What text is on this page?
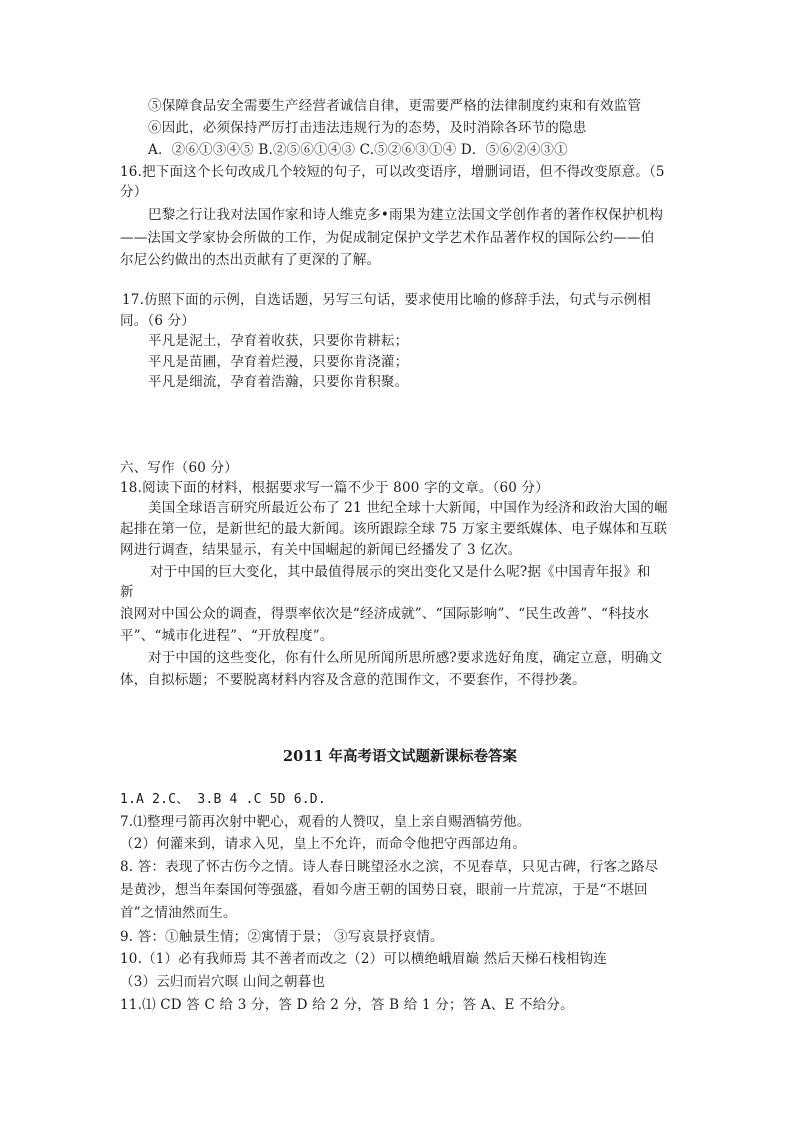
⑤保障食品安全需要生产经营者诚信自律，更需要严格的法律制度约束和有效监管
⑥因此，必须保持严厉打击违法违规行为的态势，及时消除各环节的隐患
A．②⑥①③④⑤ B.②⑤⑥①④③ C.⑤②⑥③①④ D．⑤⑥②④③①
16.把下面这个长句改成几个较短的句子，可以改变语序，增删词语，但不得改变原意。（5
分）
巴黎之行让我对法国作家和诗人维克多•雨果为建立法国文学创作者的著作权保护机构
——法国文学家协会所做的工作，为促成制定保护文学艺术作品著作权的国际公约——伯
尔尼公约做出的杰出贡献有了更深的了解。
17.仿照下面的示例，自选话题，另写三句话，要求使用比喻的修辞手法，句式与示例相
同。（6 分）
平凡是泥土，孕育着收获，只要你肯耕耘；
平凡是苗圃，孕育着烂漫，只要你肯浇灌；
平凡是细流，孕育着浩瀚，只要你肯积聚。
六、写作（60 分）
18.阅读下面的材料，根据要求写一篇不少于 800 字的文章。（60 分）
美国全球语言研究所最近公布了 21 世纪全球十大新闻，中国作为经济和政治大国的崛
起排在第一位，是新世纪的最大新闻。该所跟踪全球 75 万家主要纸媒体、电子媒体和互联
网进行调查，结果显示，有关中国崛起的新闻已经播发了 3 亿次。
对于中国的巨大变化，其中最值得展示的突出变化又是什么呢?据《中国青年报》和
新
浪网对中国公众的调查，得票率依次是“经济成就”、“国际影响”、“民生改善”、“科技水
平”、“城市化进程”、“开放程度”。
对于中国的这些变化，你有什么所见所闻所思所感?要求选好角度，确定立意，明确文
体，自拟标题；不要脱离材料内容及含意的范围作文，不要套作，不得抄袭。
2011 年高考语文试题新课标卷答案
1.A 2.C、 3.B 4 .C 5D 6.D.
7.⑴整理弓箭再次射中靶心，观看的人赞叹，皇上亲自赐酒犒劳他。
（2）何灌来到，请求入见，皇上不允许，而命令他把守西部边角。
8. 答：表现了怀古伤今之情。诗人春日眺望泾水之滨，不见春草，只见古碑，行客之路尽
是黄沙，想当年秦国何等强盛，看如今唐王朝的国势日衰，眼前一片荒凉，于是“不堪回
首”之情油然而生。
9. 答：①触景生情；②寓情于景； ③写哀景抒哀情。
10.（1）必有我师焉 其不善者而改之（2）可以横绝峨眉巅 然后天梯石栈相钩连
（3）云归而岩穴暝 山间之朝暮也
11.⑴ CD 答 C 给 3 分，答 D 给 2 分，答 B 给 1 分；答 A、E 不给分。
